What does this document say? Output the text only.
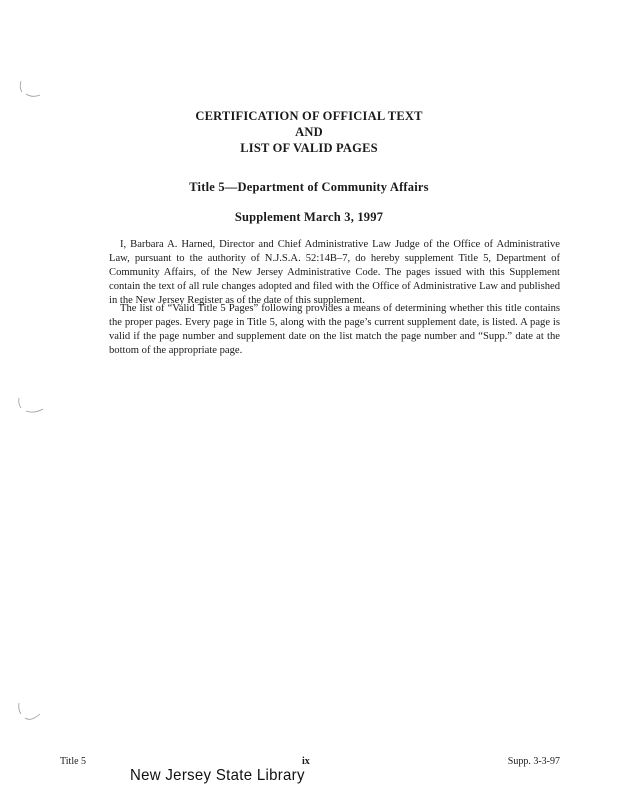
CERTIFICATION OF OFFICIAL TEXT
AND
LIST OF VALID PAGES
Title 5—Department of Community Affairs
Supplement March 3, 1997

I, Barbara A. Harned, Director and Chief Administrative Law Judge of the Office of Administrative Law, pursuant to the authority of N.J.S.A. 52:14B–7, do hereby supplement Title 5, Department of Community Affairs, of the New Jersey Administrative Code. The pages issued with this Supplement contain the text of all rule changes adopted and filed with the Office of Administrative Law and published in the New Jersey Register as of the date of this supplement.

The list of “Valid Title 5 Pages” following provides a means of determining whether this title contains the proper pages. Every page in Title 5, along with the page’s current supplement date, is listed. A page is valid if the page number and supplement date on the list match the page number and “Supp.” date at the bottom of the appropriate page.

Title 5	ix	Supp. 3-3-97
New Jersey State Library
